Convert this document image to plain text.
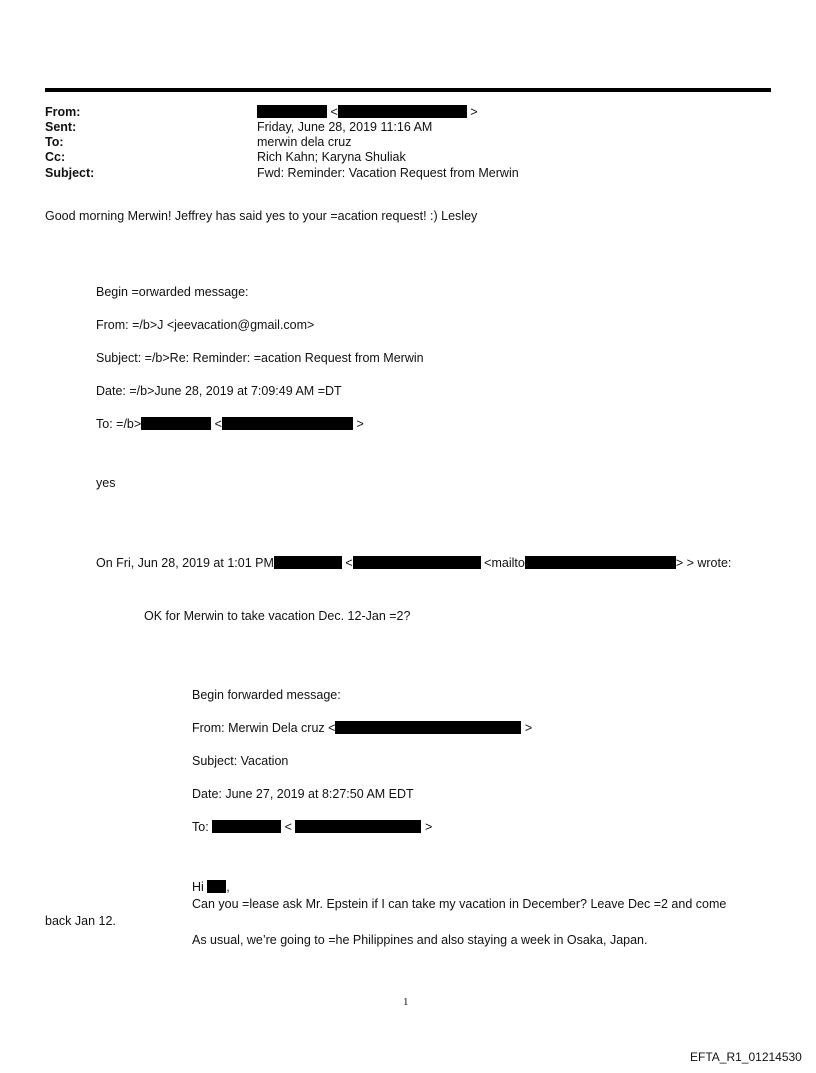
From:	<	>
Sent:	Friday, June 28, 2019 11:16 AM
To:	merwin dela cruz
Cc:	Rich Kahn; Karyna Shuliak
Subject:	Fwd: Reminder: Vacation Request from Merwin
Good morning Merwin! Jeffrey has said yes to your =acation request! :) Lesley
Begin =orwarded message:
From: =/b>J <jeevacation@gmail.com>
Subject: =/b>Re: Reminder: =acation Request from Merwin
Date: =/b>June 28, 2019 at 7:09:49 AM =DT
To: =/b>	<	>
yes
On Fri, Jun 28, 2019 at 1:01 PM	<	<mailto	> > wrote:
OK for Merwin to take vacation Dec. 12-Jan =2?
Begin forwarded message:
From: Merwin Dela cruz <	>
Subject: Vacation
Date: June 27, 2019 at 8:27:50 AM EDT
To:	<	>
Hi ,
Can you =lease ask Mr. Epstein if I can take my vacation in December? Leave Dec =2 and come
back Jan 12.
As usual, we’re going to =he Philippines and also staying a week in Osaka, Japan.
1
EFTA_R1_01214530
